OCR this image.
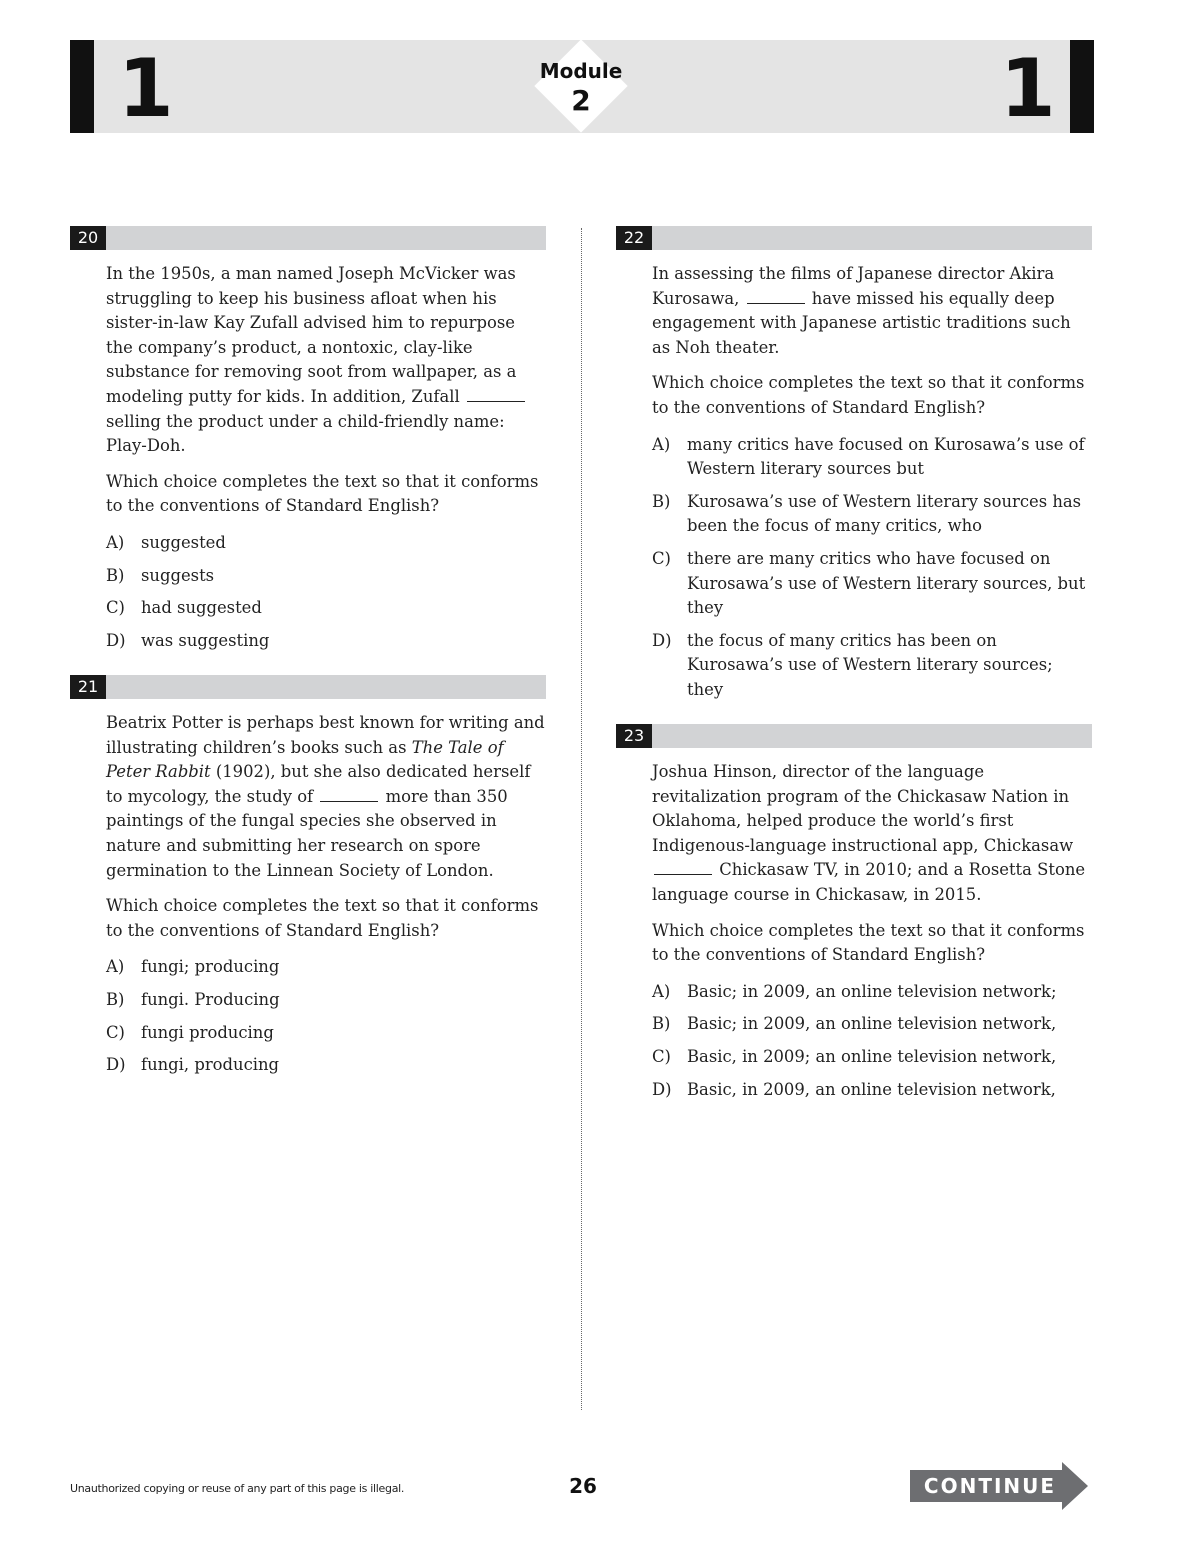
1	1
Module
2
20

In the 1950s, a man named Joseph McVicker was struggling to keep his business afloat when his sister-in-law Kay Zufall advised him to repurpose the company’s product, a nontoxic, clay-like substance for removing soot from wallpaper, as a modeling putty for kids. In addition, Zufall  selling the product under a child-friendly name: Play-Doh.

Which choice completes the text so that it conforms to the conventions of Standard English?

A)	suggested
B)	suggests
C) had suggested
D) was suggesting
21

Beatrix Potter is perhaps best known for writing and illustrating children’s books such as The Tale of Peter Rabbit (1902), but she also dedicated herself to mycology, the study of	more than 350 paintings of the fungal species she observed in nature and submitting her research on spore germination to the Linnean Society of London.

Which choice completes the text so that it conforms to the conventions of Standard English?

A)	fungi; producing
B)	fungi. Producing
C) fungi producing
D) fungi, producing
22

In assessing the films of Japanese director Akira Kurosawa,	have missed his equally deep engagement with Japanese artistic traditions such as Noh theater.

Which choice completes the text so that it conforms to the conventions of Standard English?

A)	many critics have focused on Kurosawa’s use of Western literary sources but
B)	Kurosawa’s use of Western literary sources has been the focus of many critics, who
C) there are many critics who have focused on Kurosawa’s use of Western literary sources, but they
D) the focus of many critics has been on Kurosawa’s use of Western literary sources; they
23

Joshua Hinson, director of the language revitalization program of the Chickasaw Nation in Oklahoma, helped produce the world’s first Indigenous-language instructional app, Chickasaw  Chickasaw TV, in 2010; and a Rosetta Stone language course in Chickasaw, in 2015.

Which choice completes the text so that it conforms to the conventions of Standard English?

A)	Basic; in 2009, an online television network;
B)	Basic; in 2009, an online television network,
C) Basic, in 2009; an online television network,
D) Basic, in 2009, an online television network,
Unauthorized copying or reuse of any part of this page is illegal.	26	CONTINUE
